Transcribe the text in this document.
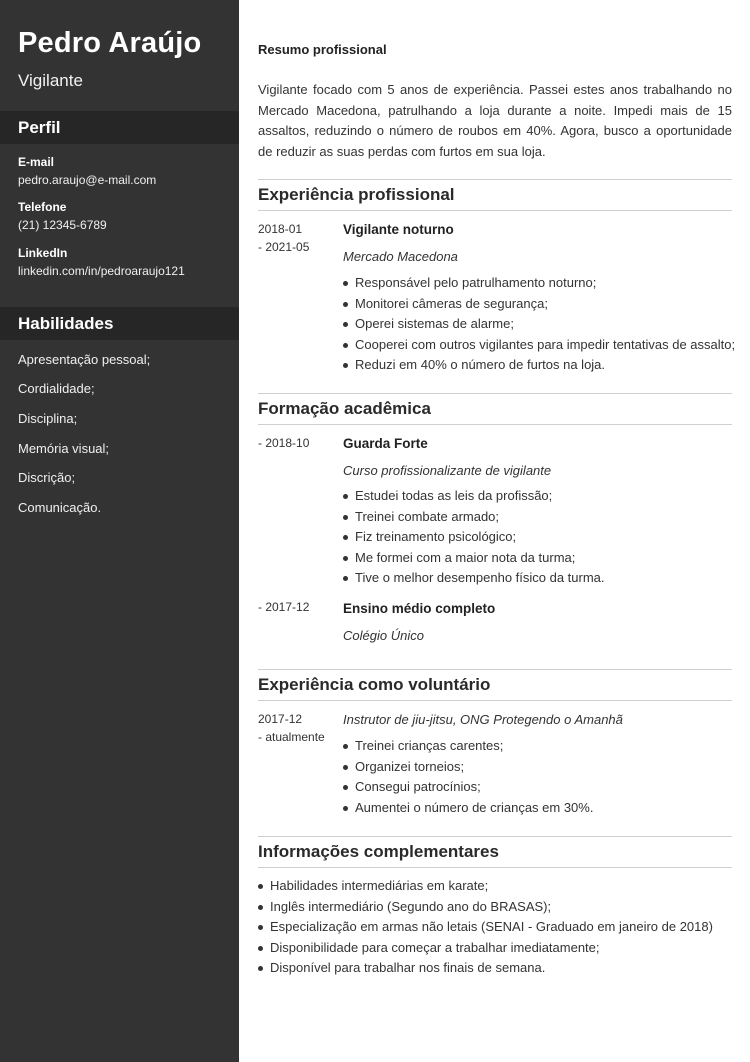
Pedro Araújo
Vigilante
Perfil
E-mail
pedro.araujo@e-mail.com
Telefone
(21) 12345-6789
LinkedIn
linkedin.com/in/pedroaraujo121
Habilidades
Apresentação pessoal;
Cordialidade;
Disciplina;
Memória visual;
Discrição;
Comunicação.
Resumo profissional
Vigilante focado com 5 anos de experiência. Passei estes anos trabalhando no Mercado Macedona, patrulhando a loja durante a noite. Impedi mais de 15 assaltos, reduzindo o número de roubos em 40%. Agora, busco a oportunidade de reduzir as suas perdas com furtos em sua loja.
Experiência profissional
2018-01
- 2021-05
Vigilante noturno
Mercado Macedona
Responsável pelo patrulhamento noturno;
Monitorei câmeras de segurança;
Operei sistemas de alarme;
Cooperei com outros vigilantes para impedir tentativas de assalto;
Reduzi em 40% o número de furtos na loja.
Formação acadêmica
- 2018-10 Guarda Forte
Curso profissionalizante de vigilante
Estudei todas as leis da profissão;
Treinei combate armado;
Fiz treinamento psicológico;
Me formei com a maior nota da turma;
Tive o melhor desempenho físico da turma.
- 2017-12 Ensino médio completo
Colégio Único
Experiência como voluntário
2017-12
- atualmente
Instrutor de jiu-jitsu, ONG Protegendo o Amanhã
Treinei crianças carentes;
Organizei torneios;
Consegui patrocínios;
Aumentei o número de crianças em 30%.
Informações complementares
Habilidades intermediárias em karate;
Inglês intermediário (Segundo ano do BRASAS);
Especialização em armas não letais (SENAI - Graduado em janeiro de 2018)
Disponibilidade para começar a trabalhar imediatamente;
Disponível para trabalhar nos finais de semana.
